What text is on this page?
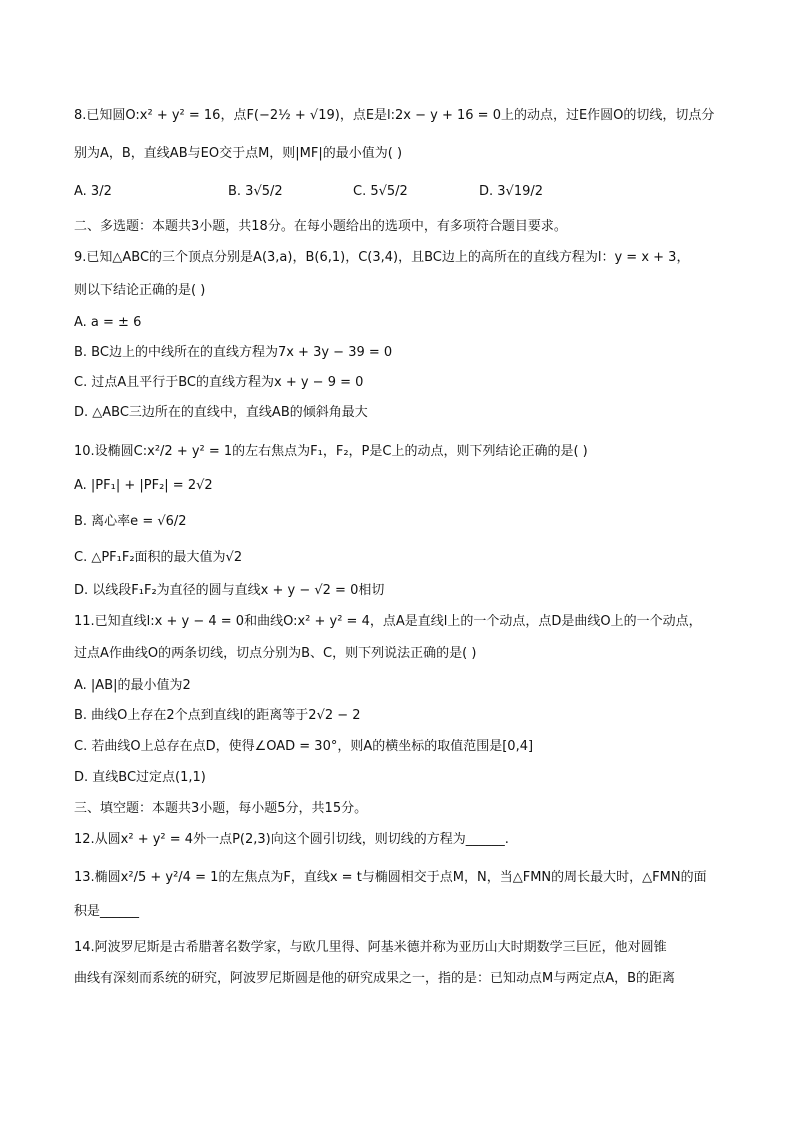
8.已知圆O:x² + y² = 16，点F(−2½ + √19)，点E是l:2x − y + 16 = 0上的动点，过E作圆O的切线，切点分
别为A，B，直线AB与EO交于点M，则|MF|的最小值为( )
A. 3/2	B. 3√5/2	C. 5√5/2	D. 3√19/2
二、多选题：本题共3小题，共18分。在每小题给出的选项中，有多项符合题目要求。
9.已知△ABC的三个顶点分别是A(3,a)，B(6,1)，C(3,4)，且BC边上的高所在的直线方程为l：y = x + 3，
则以下结论正确的是( )
A. a = ± 6
B. BC边上的中线所在的直线方程为7x + 3y − 39 = 0
C. 过点A且平行于BC的直线方程为x + y − 9 = 0
D. △ABC三边所在的直线中，直线AB的倾斜角最大
10.设椭圆C:x²/2 + y² = 1的左右焦点为F₁，F₂，P是C上的动点，则下列结论正确的是( )
A. |PF₁| + |PF₂| = 2√2
B. 离心率e = √6/2
C. △PF₁F₂面积的最大值为√2
D. 以线段F₁F₂为直径的圆与直线x + y − √2 = 0相切
11.已知直线l:x + y − 4 = 0和曲线O:x² + y² = 4，点A是直线l上的一个动点，点D是曲线O上的一个动点，
过点A作曲线O的两条切线，切点分别为B、C，则下列说法正确的是( )
A. |AB|的最小值为2
B. 曲线O上存在2个点到直线l的距离等于2√2 − 2
C. 若曲线O上总存在点D，使得∠OAD = 30°，则A的横坐标的取值范围是[0,4]
D. 直线BC过定点(1,1)
三、填空题：本题共3小题，每小题5分，共15分。
12.从圆x² + y² = 4外一点P(2,3)向这个圆引切线，则切线的方程为______.
13.椭圆x²/5 + y²/4 = 1的左焦点为F，直线x = t与椭圆相交于点M，N，当△FMN的周长最大时，△FMN的面
积是______
14.阿波罗尼斯是古希腊著名数学家，与欧几里得、阿基米德并称为亚历山大时期数学三巨匠，他对圆锥
曲线有深刻而系统的研究，阿波罗尼斯圆是他的研究成果之一，指的是：已知动点M与两定点A，B的距离
